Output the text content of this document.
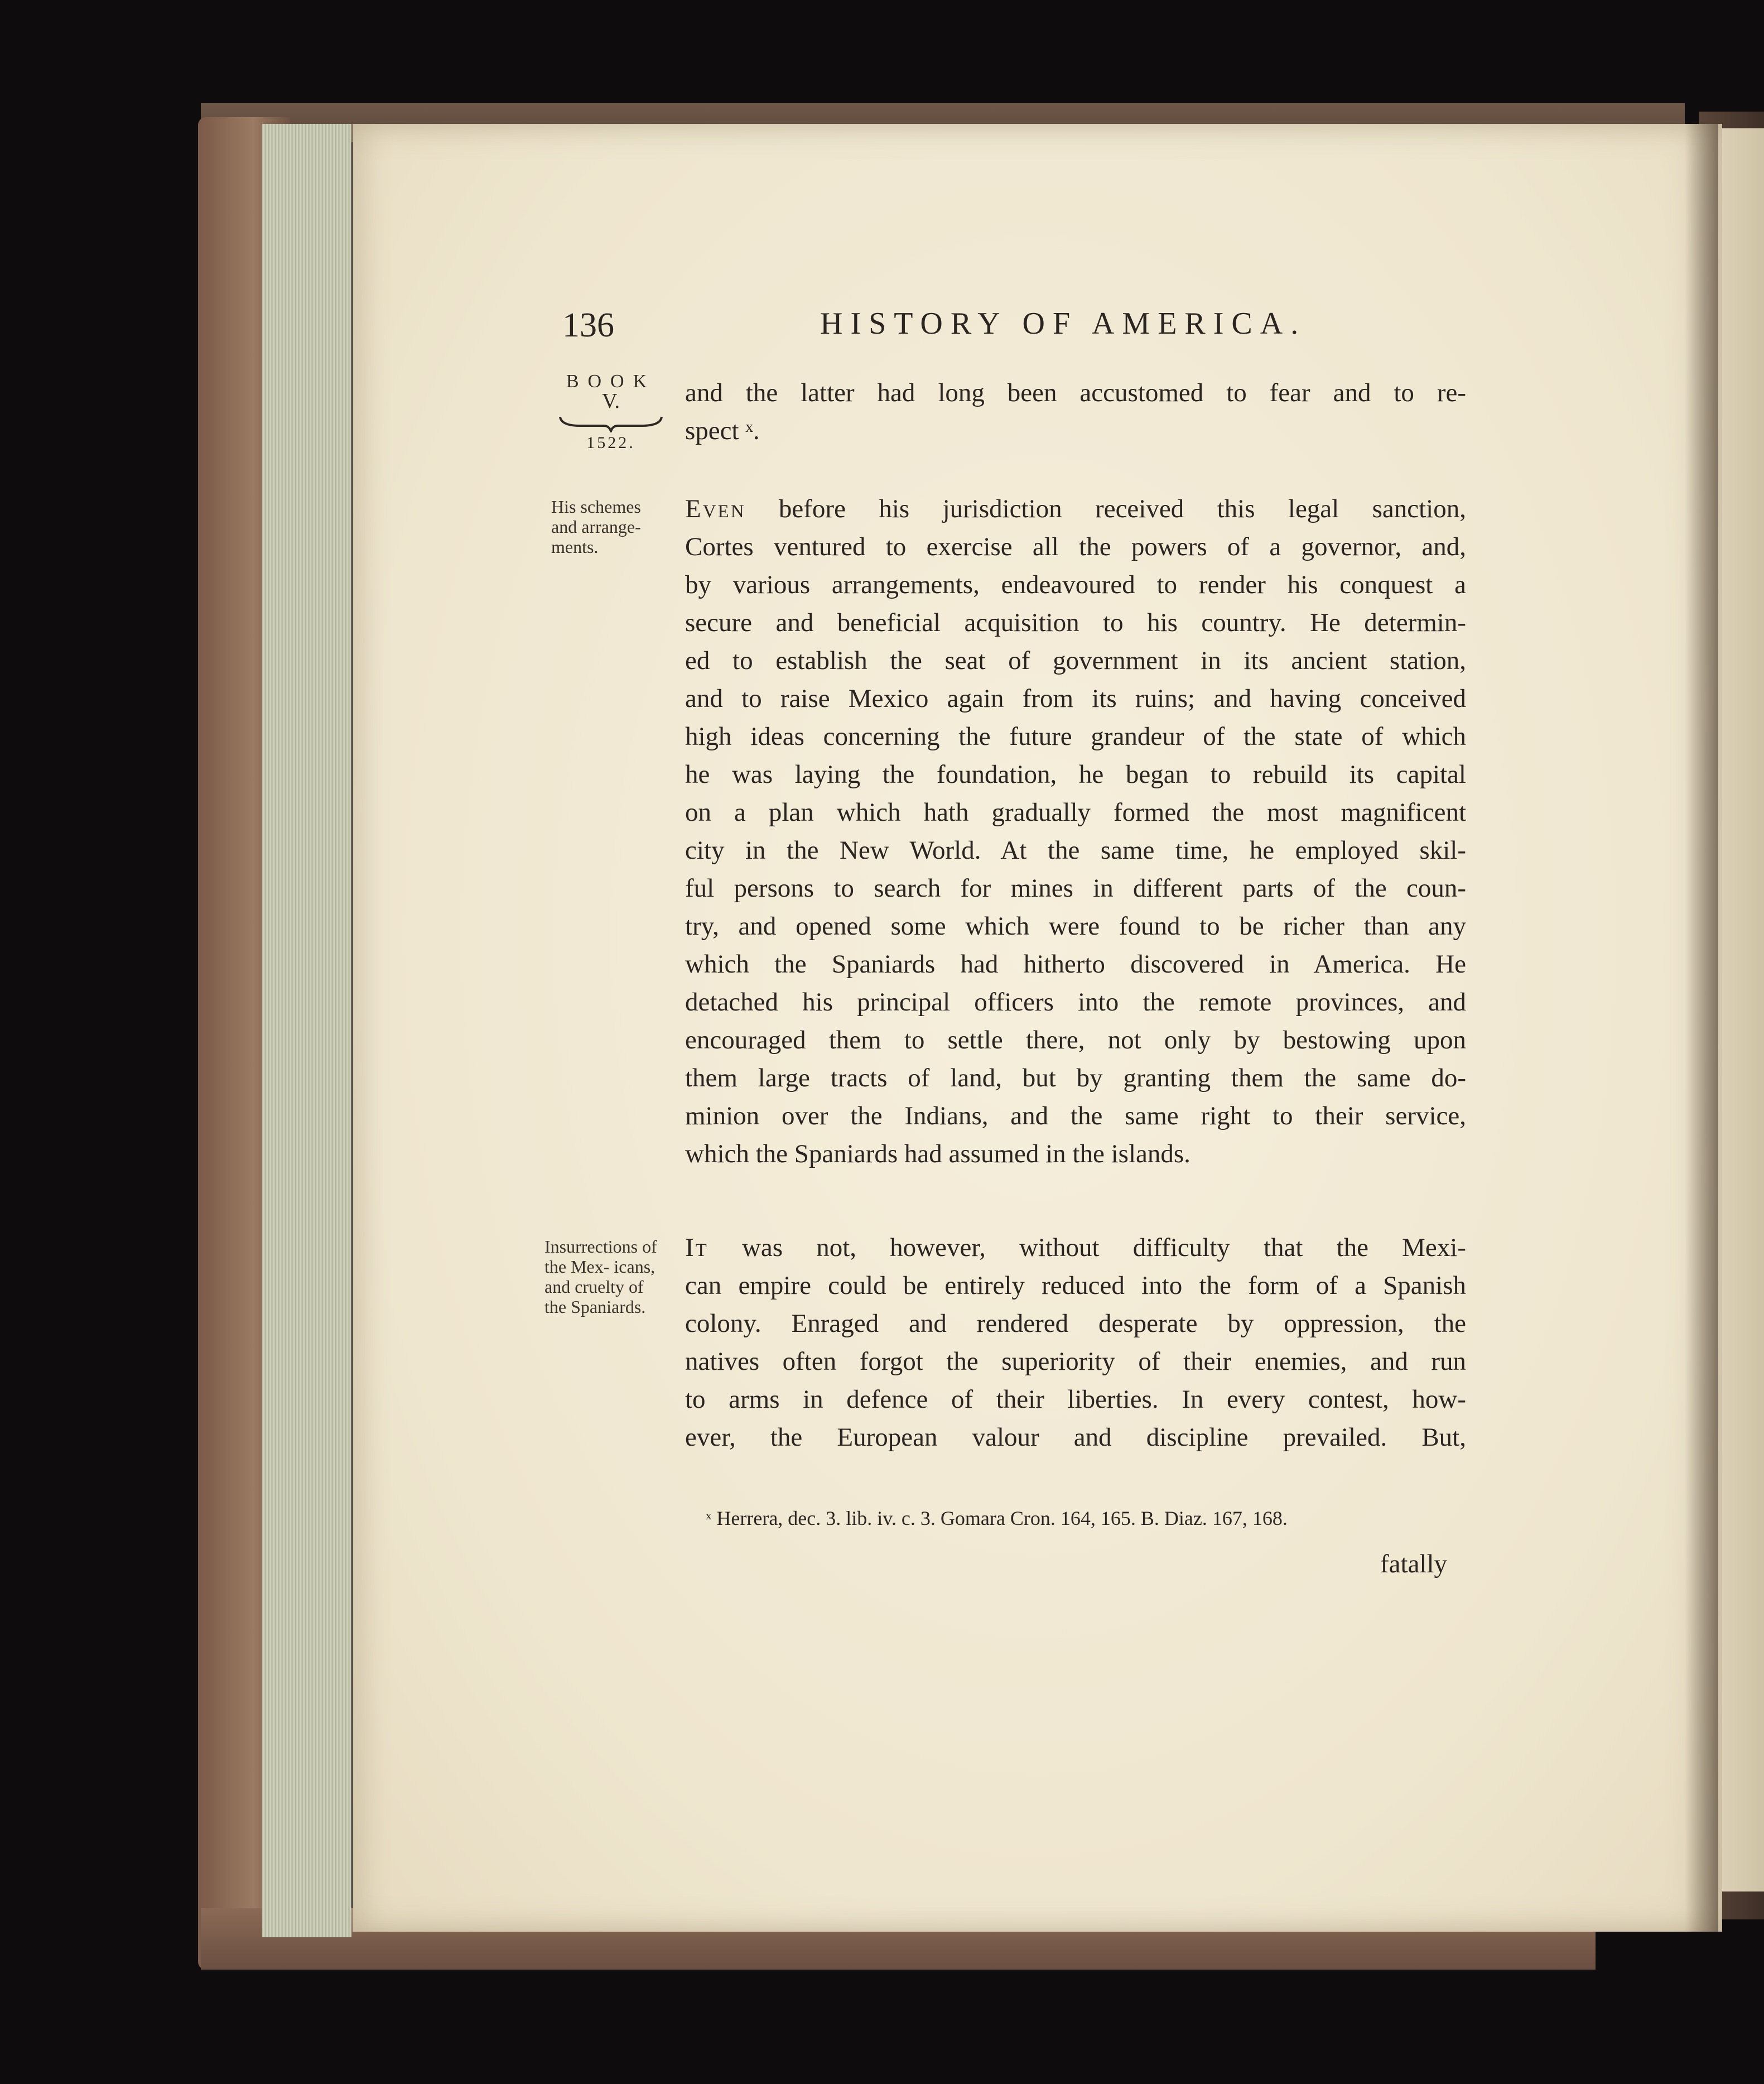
136	HISTORY OF AMERICA.
BOOK
V.
1522.
His schemes and arrange- ments.
Insurrections of the Mex- icans, and cruelty of the Spaniards.
and the latter had long been accustomed to fear and to re-
spect ˣ.
Even before his jurisdiction received this legal sanction,
Cortes ventured to exercise all the powers of a governor, and,
by various arrangements, endeavoured to render his conquest a
secure and beneficial acquisition to his country. He determin-
ed to establish the seat of government in its ancient station,
and to raise Mexico again from its ruins; and having conceived
high ideas concerning the future grandeur of the state of which
he was laying the foundation, he began to rebuild its capital
on a plan which hath gradually formed the most magnificent
city in the New World. At the same time, he employed skil-
ful persons to search for mines in different parts of the coun-
try, and opened some which were found to be richer than any
which the Spaniards had hitherto discovered in America. He
detached his principal officers into the remote provinces, and
encouraged them to settle there, not only by bestowing upon
them large tracts of land, but by granting them the same do-
minion over the Indians, and the same right to their service,
which the Spaniards had assumed in the islands.
It was not, however, without difficulty that the Mexi-
can empire could be entirely reduced into the form of a Spanish
colony. Enraged and rendered desperate by oppression, the
natives often forgot the superiority of their enemies, and run
to arms in defence of their liberties. In every contest, how-
ever, the European valour and discipline prevailed. But,
ˣ Herrera, dec. 3. lib. iv. c. 3. Gomara Cron. 164, 165. B. Diaz. 167, 168.
fatally
